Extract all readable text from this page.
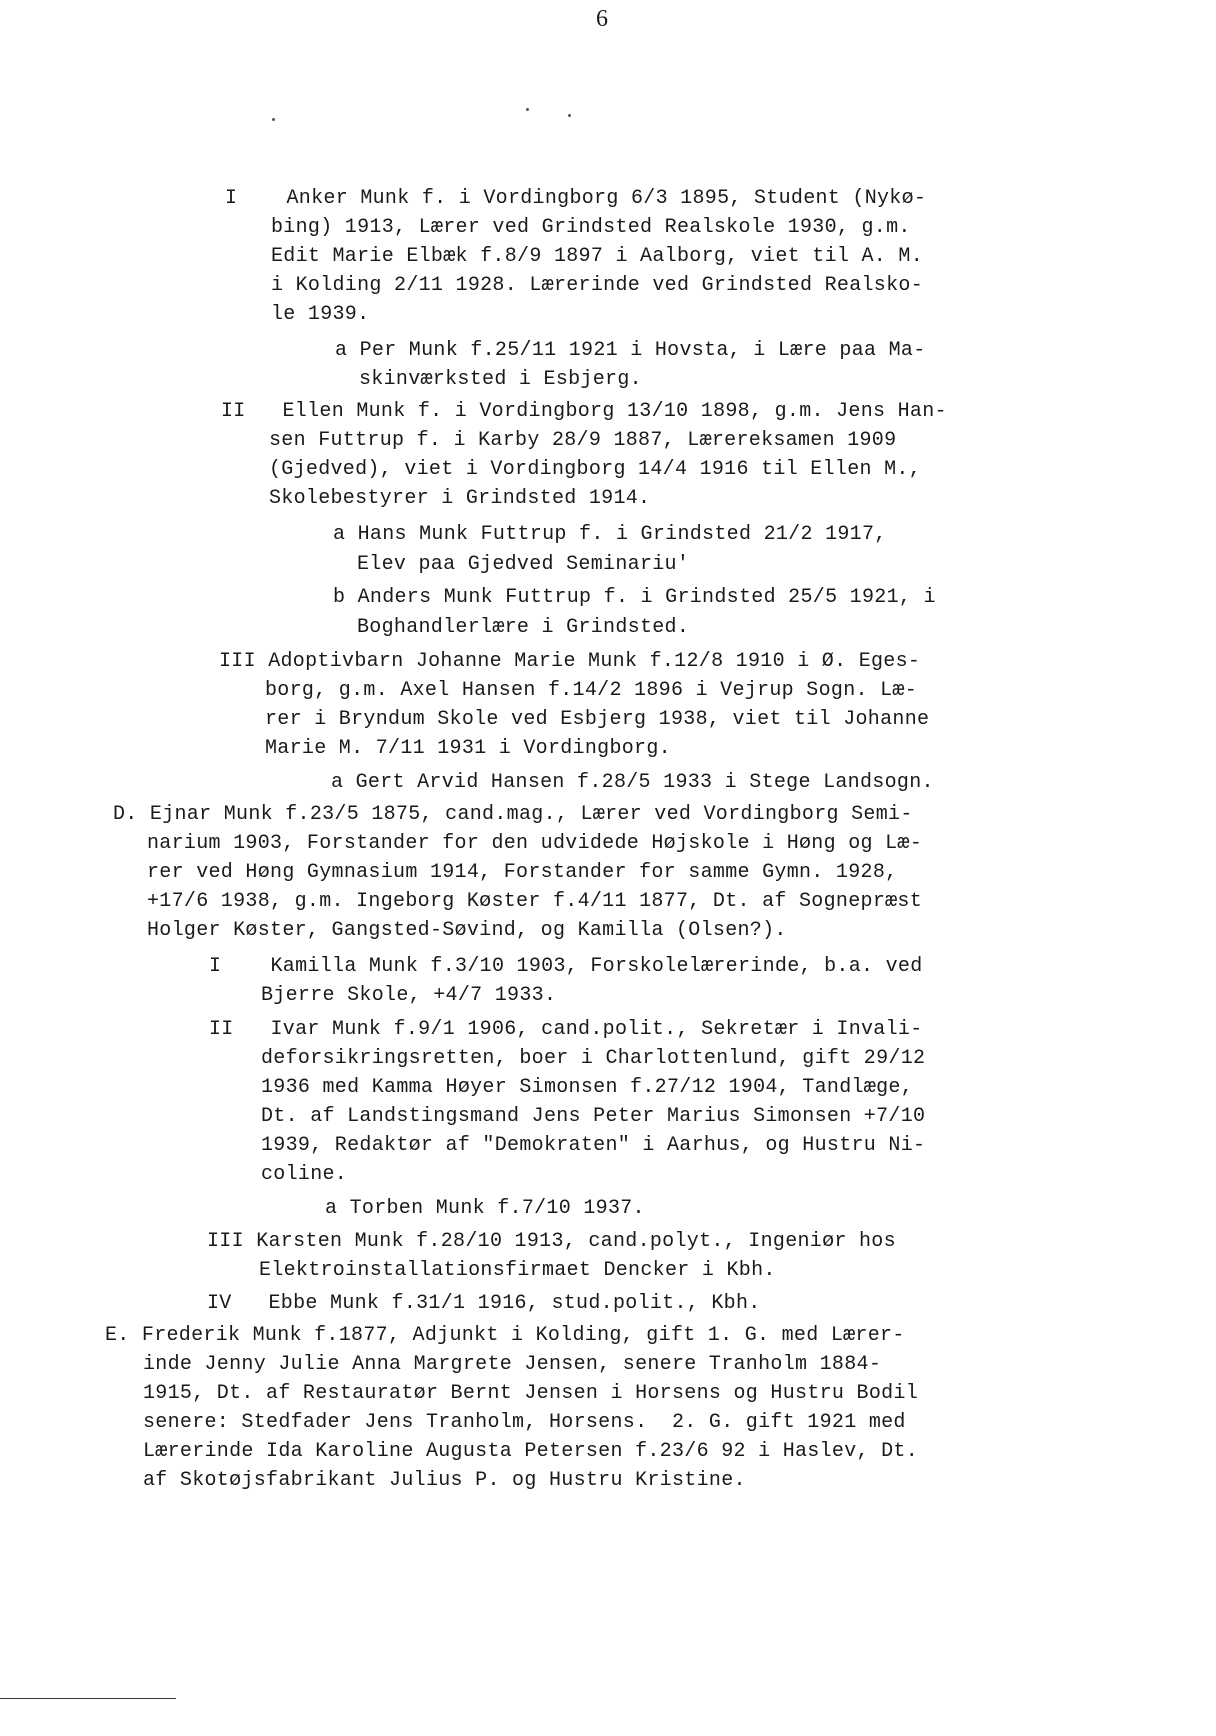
6
I    Anker Munk f. i Vordingborg 6/3 1895, Student (Nykø-
bing) 1913, Lærer ved Grindsted Realskole 1930, g.m.
Edit Marie Elbæk f.8/9 1897 i Aalborg, viet til A. M.
i Kolding 2/11 1928. Lærerinde ved Grindsted Realsko-
le 1939.
a Per Munk f.25/11 1921 i Hovsta, i Lære paa Ma-
skinværksted i Esbjerg.
II   Ellen Munk f. i Vordingborg 13/10 1898, g.m. Jens Han-
sen Futtrup f. i Karby 28/9 1887, Lærereksamen 1909
(Gjedved), viet i Vordingborg 14/4 1916 til Ellen M.,
Skolebestyrer i Grindsted 1914.
a Hans Munk Futtrup f. i Grindsted 21/2 1917,
Elev paa Gjedved Seminariu'
b Anders Munk Futtrup f. i Grindsted 25/5 1921, i
Boghandlerlære i Grindsted.
III Adoptivbarn Johanne Marie Munk f.12/8 1910 i Ø. Eges-
borg, g.m. Axel Hansen f.14/2 1896 i Vejrup Sogn. Læ-
rer i Bryndum Skole ved Esbjerg 1938, viet til Johanne
Marie M. 7/11 1931 i Vordingborg.
a Gert Arvid Hansen f.28/5 1933 i Stege Landsogn.
D. Ejnar Munk f.23/5 1875, cand.mag., Lærer ved Vordingborg Semi-
narium 1903, Forstander for den udvidede Højskole i Høng og Læ-
rer ved Høng Gymnasium 1914, Forstander for samme Gymn. 1928,
+17/6 1938, g.m. Ingeborg Køster f.4/11 1877, Dt. af Sognepræst
Holger Køster, Gangsted-Søvind, og Kamilla (Olsen?).
I    Kamilla Munk f.3/10 1903, Forskolelærerinde, b.a. ved
Bjerre Skole, +4/7 1933.
II   Ivar Munk f.9/1 1906, cand.polit., Sekretær i Invali-
deforsikringsretten, boer i Charlottenlund, gift 29/12
1936 med Kamma Høyer Simonsen f.27/12 1904, Tandlæge,
Dt. af Landstingsmand Jens Peter Marius Simonsen +7/10
1939, Redaktør af "Demokraten" i Aarhus, og Hustru Ni-
coline.
a Torben Munk f.7/10 1937.
III Karsten Munk f.28/10 1913, cand.polyt., Ingeniør hos
Elektroinstallationsfirmaet Dencker i Kbh.
IV   Ebbe Munk f.31/1 1916, stud.polit., Kbh.
E. Frederik Munk f.1877, Adjunkt i Kolding, gift 1. G. med Lærer-
inde Jenny Julie Anna Margrete Jensen, senere Tranholm 1884-
1915, Dt. af Restauratør Bernt Jensen i Horsens og Hustru Bodil
senere: Stedfader Jens Tranholm, Horsens.  2. G. gift 1921 med
Lærerinde Ida Karoline Augusta Petersen f.23/6 92 i Haslev, Dt.
af Skotøjsfabrikant Julius P. og Hustru Kristine.
